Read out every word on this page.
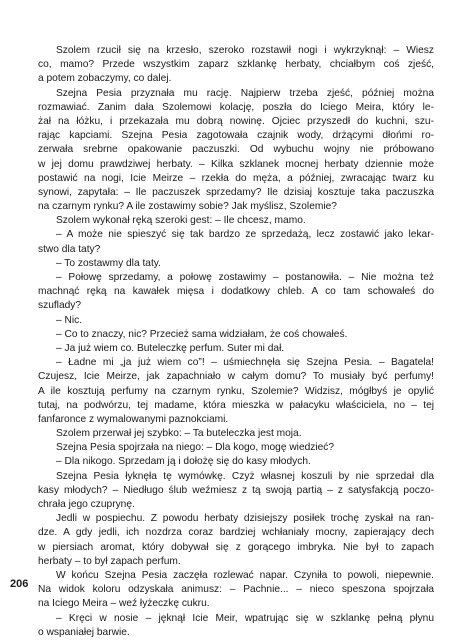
Szolem rzucił się na krzesło, szeroko rozstawił nogi i wykrzyknął: – Wiesz
co, mamo? Przede wszystkim zaparz szklankę herbaty, chciałbym coś zjeść,
a potem zobaczymy, co dalej.
Szejna Pesia przyznała mu rację. Najpierw trzeba zjeść, później można
rozmawiać. Zanim dała Szolemowi kolację, poszła do Iciego Meira, który le-
żał na łóżku, i przekazała mu dobrą nowinę. Ojciec przyszedł do kuchni, szu-
rając kapciami. Szejna Pesia zagotowała czajnik wody, drżącymi dłońmi ro-
zerwała srebrne opakowanie paczuszki. Od wybuchu wojny nie próbowano
w jej domu prawdziwej herbaty. – Kilka szklanek mocnej herbaty dziennie może
postawić na nogi, Icie Meirze – rzekła do męża, a później, zwracając twarz ku
synowi, zapytała: – Ile paczuszek sprzedamy? Ile dzisiaj kosztuje taka paczuszka
na czarnym rynku? A ile zostawimy sobie? Jak myślisz, Szolemie?
Szolem wykonał ręką szeroki gest: – Ile chcesz, mamo.
– A może nie spieszyć się tak bardzo ze sprzedażą, lecz zostawić jako lekar-
stwo dla taty?
– To zostawmy dla taty.
– Połowę sprzedamy, a połowę zostawimy – postanowiła. – Nie można też
machnąć ręką na kawałek mięsa i dodatkowy chleb. A co tam schowałeś do
szuflady?
– Nic.
– Co to znaczy, nic? Przecież sama widziałam, że coś chowałeś.
– Ja już wiem co. Buteleczkę perfum. Suter mi dał.
– Ładne mi „ja już wiem co”! – uśmiechnęła się Szejna Pesia. – Bagatela!
Czujesz, Icie Meirze, jak zapachniało w całym domu? To musiały być perfumy!
A ile kosztują perfumy na czarnym rynku, Szolemie? Widzisz, mógłbyś je opylić
tutaj, na podwórzu, tej madame, która mieszka w pałacyku właściciela, no – tej
fanfaronce z wymalowanymi paznokciami.
Szolem przerwał jej szybko: – Ta buteleczka jest moja.
Szejna Pesia spojrzała na niego: – Dla kogo, mogę wiedzieć?
– Dla nikogo. Sprzedam ją i dołożę się do kasy młodych.
Szejna Pesia łyknęła tę wymówkę. Czyż własnej koszuli by nie sprzedał dla
kasy młodych? – Niedługo ślub weźmiesz z tą swoją partią – z satysfakcją poczo-
chrała jego czuprynę.
Jedli w pospiechu. Z powodu herbaty dzisiejszy posiłek trochę zyskał na ran-
dze. A gdy jedli, ich nozdrza coraz bardziej wchłaniały mocny, zapierający dech
w piersiach aromat, który dobywał się z gorącego imbryka. Nie był to zapach
herbaty – to był zapach perfum.
W końcu Szejna Pesia zaczęła rozlewać napar. Czyniła to powoli, niepewnie.
Na widok koloru odzyskała animusz: – Pachnie... – nieco speszona spojrzała
na Iciego Meira – weź łyżeczkę cukru.
– Kręci w nosie – jęknął Icie Meir, wpatrując się w szklankę pełną płynu
o wspaniałej barwie.
206
